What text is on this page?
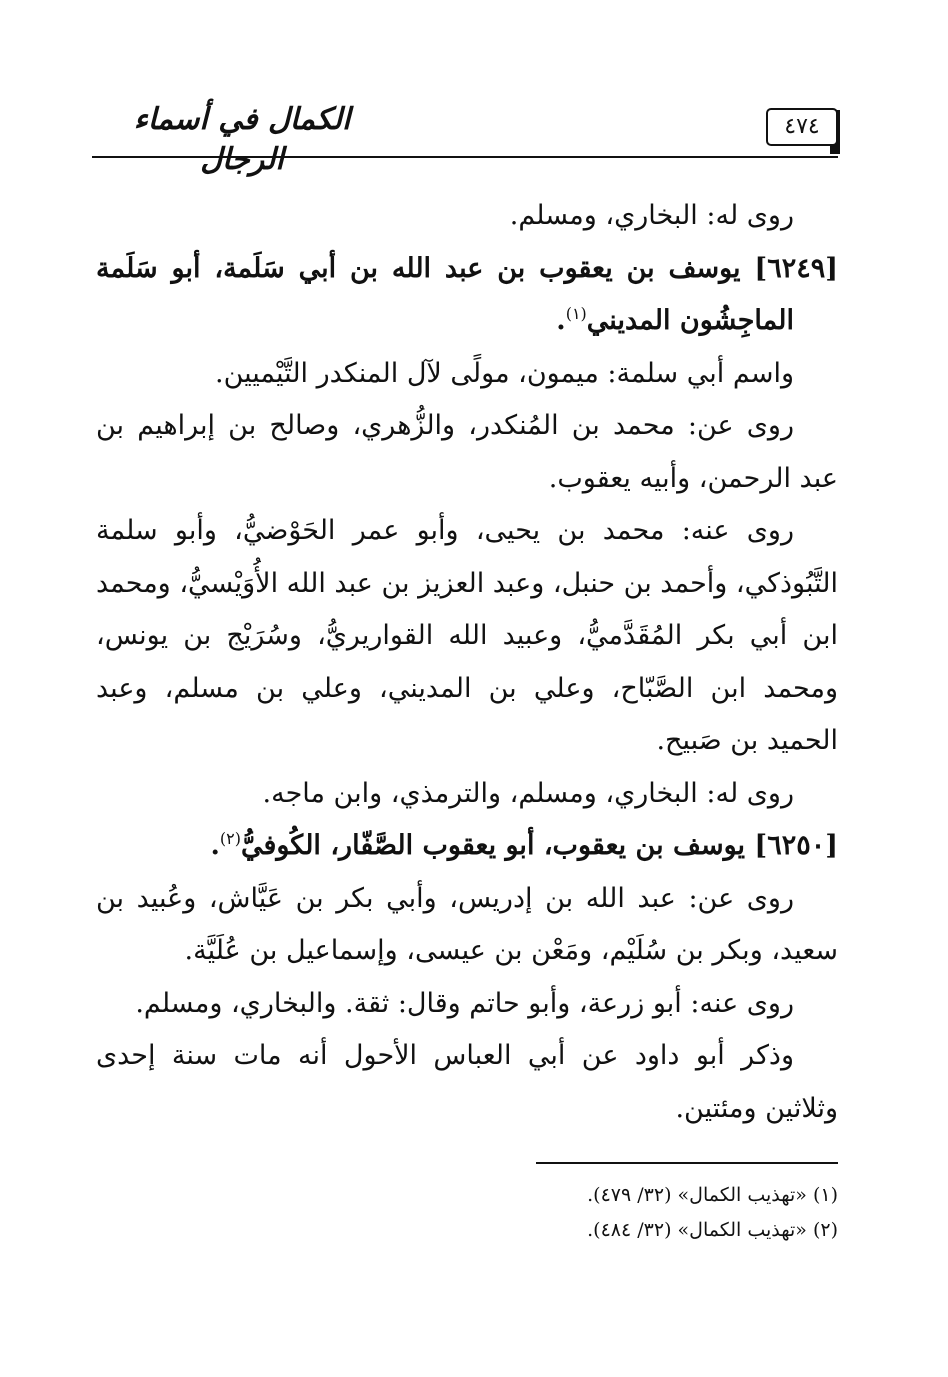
الكمال في أسماء الرجال
٤٧٤

روى له: البخاري، ومسلم.

[٦٢٤٩] يوسف بن يعقوب بن عبد الله بن أبي سَلَمة، أبو سَلَمة الماجِشُون المديني$^{(١)}$.

واسم أبي سلمة: ميمون، مولًى لآل المنكدر التَّيْميين.

روى عن: محمد بن المُنكدر، والزُّهري، وصالح بن إبراهيم بن عبد الرحمن، وأبيه يعقوب.

روى عنه: محمد بن يحيى، وأبو عمر الحَوْضيُّ، وأبو سلمة التَّبُوذكي، وأحمد بن حنبل، وعبد العزيز بن عبد الله الأُوَيْسيُّ، ومحمد ابن أبي بكر المُقَدَّميُّ، وعبيد الله القواريريُّ، وسُرَيْج بن يونس، ومحمد ابن الصَّبّاح، وعلي بن المديني، وعلي بن مسلم، وعبد الحميد بن صَبيح.

روى له: البخاري، ومسلم، والترمذي، وابن ماجه.

[٦٢٥٠] يوسف بن يعقوب، أبو يعقوب الصَّفّار، الكُوفيُّ$^{(٢)}$.

روى عن: عبد الله بن إدريس، وأبي بكر بن عَيَّاش، وعُبيد بن سعيد، وبكر بن سُلَيْم، ومَعْن بن عيسى، وإسماعيل بن عُلَيَّة.

روى عنه: أبو زرعة، وأبو حاتم وقال: ثقة. والبخاري، ومسلم.

وذكر أبو داود عن أبي العباس الأحول أنه مات سنة إحدى وثلاثين ومئتين.

(١) «تهذيب الكمال» (٣٢/ ٤٧٩).

(٢) «تهذيب الكمال» (٣٢/ ٤٨٤).
